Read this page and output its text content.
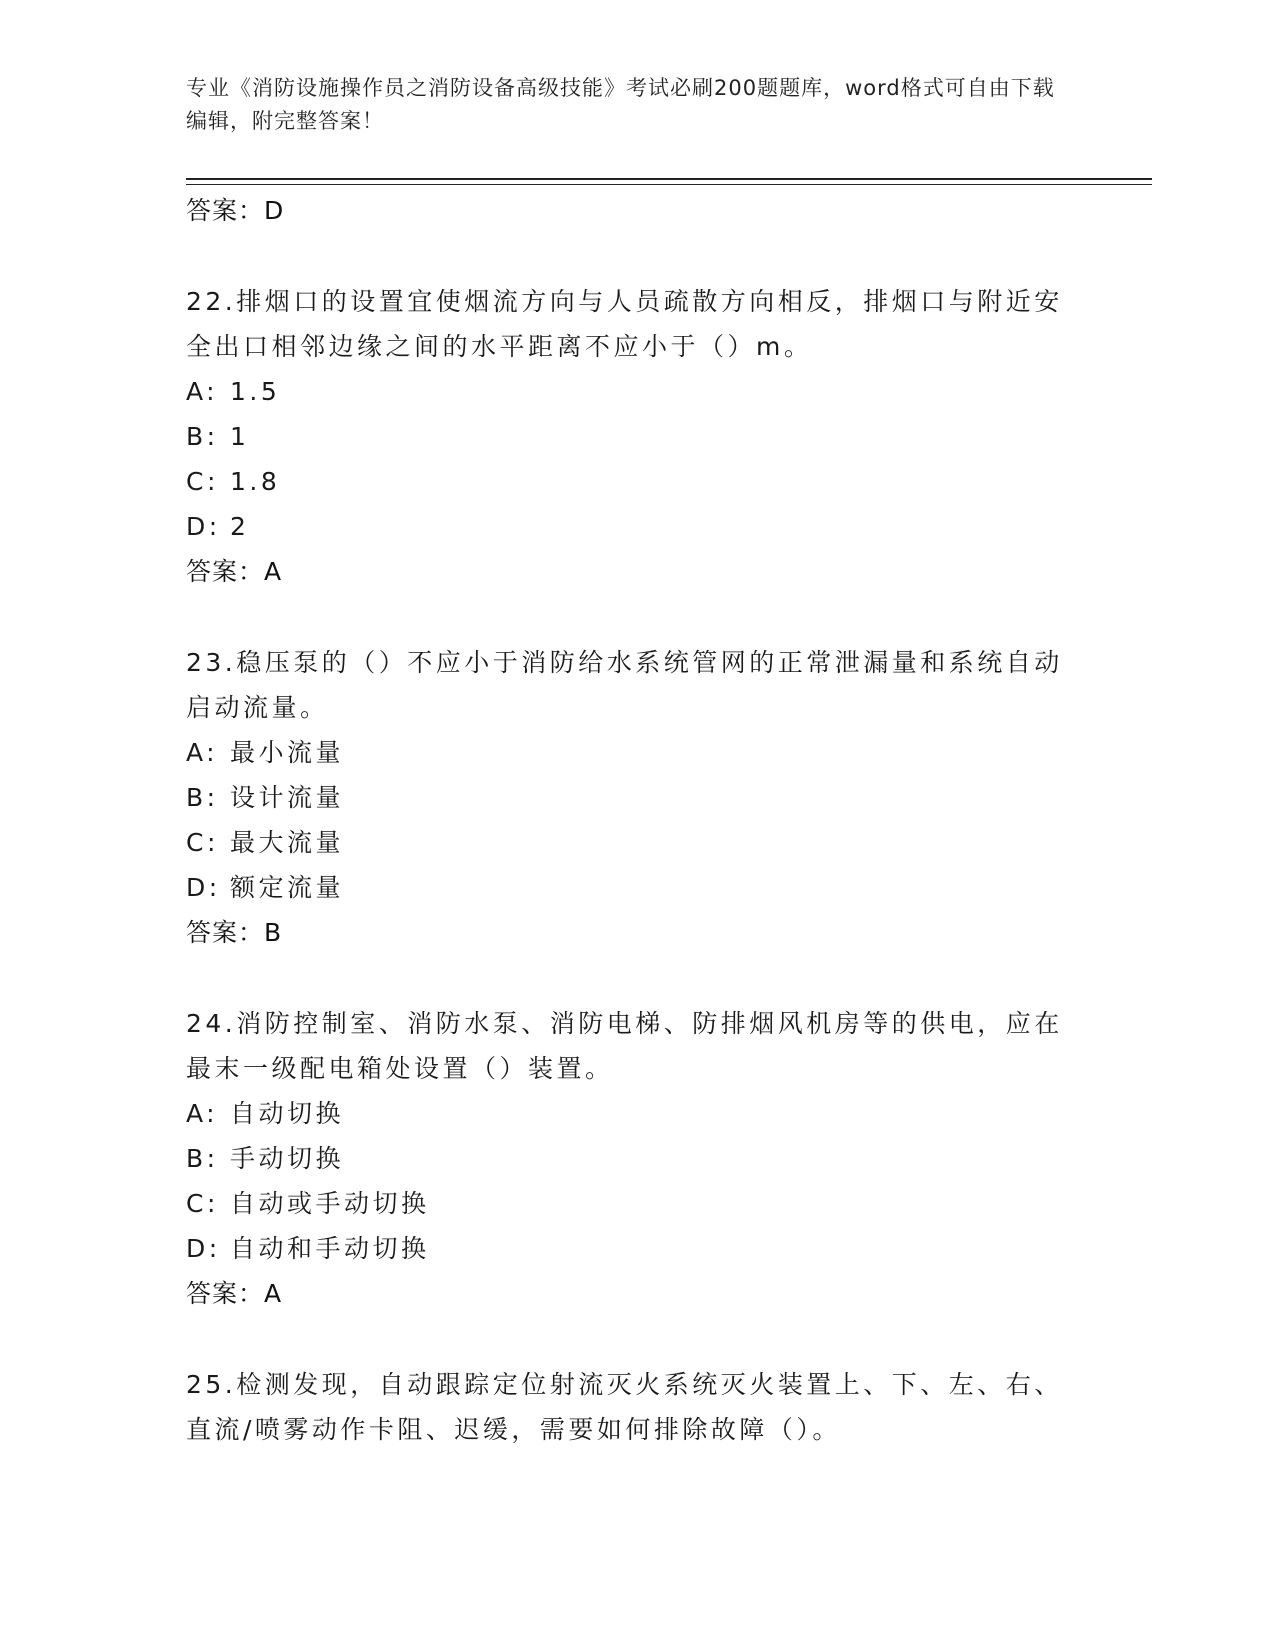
专业《消防设施操作员之消防设备高级技能》考试必刷200题题库，word格式可自由下载编辑，附完整答案！
答案：D
22.排烟口的设置宜使烟流方向与人员疏散方向相反，排烟口与附近安全出口相邻边缘之间的水平距离不应小于（）m。
A: 1.5
B: 1
C: 1.8
D: 2
答案：A
23.稳压泵的（）不应小于消防给水系统管网的正常泄漏量和系统自动启动流量。
A: 最小流量
B: 设计流量
C: 最大流量
D: 额定流量
答案：B
24.消防控制室、消防水泵、消防电梯、防排烟风机房等的供电，应在最末一级配电箱处设置（）装置。
A: 自动切换
B: 手动切换
C: 自动或手动切换
D: 自动和手动切换
答案：A
25.检测发现，自动跟踪定位射流灭火系统灭火装置上、下、左、右、直流/喷雾动作卡阻、迟缓，需要如何排除故障（）。
